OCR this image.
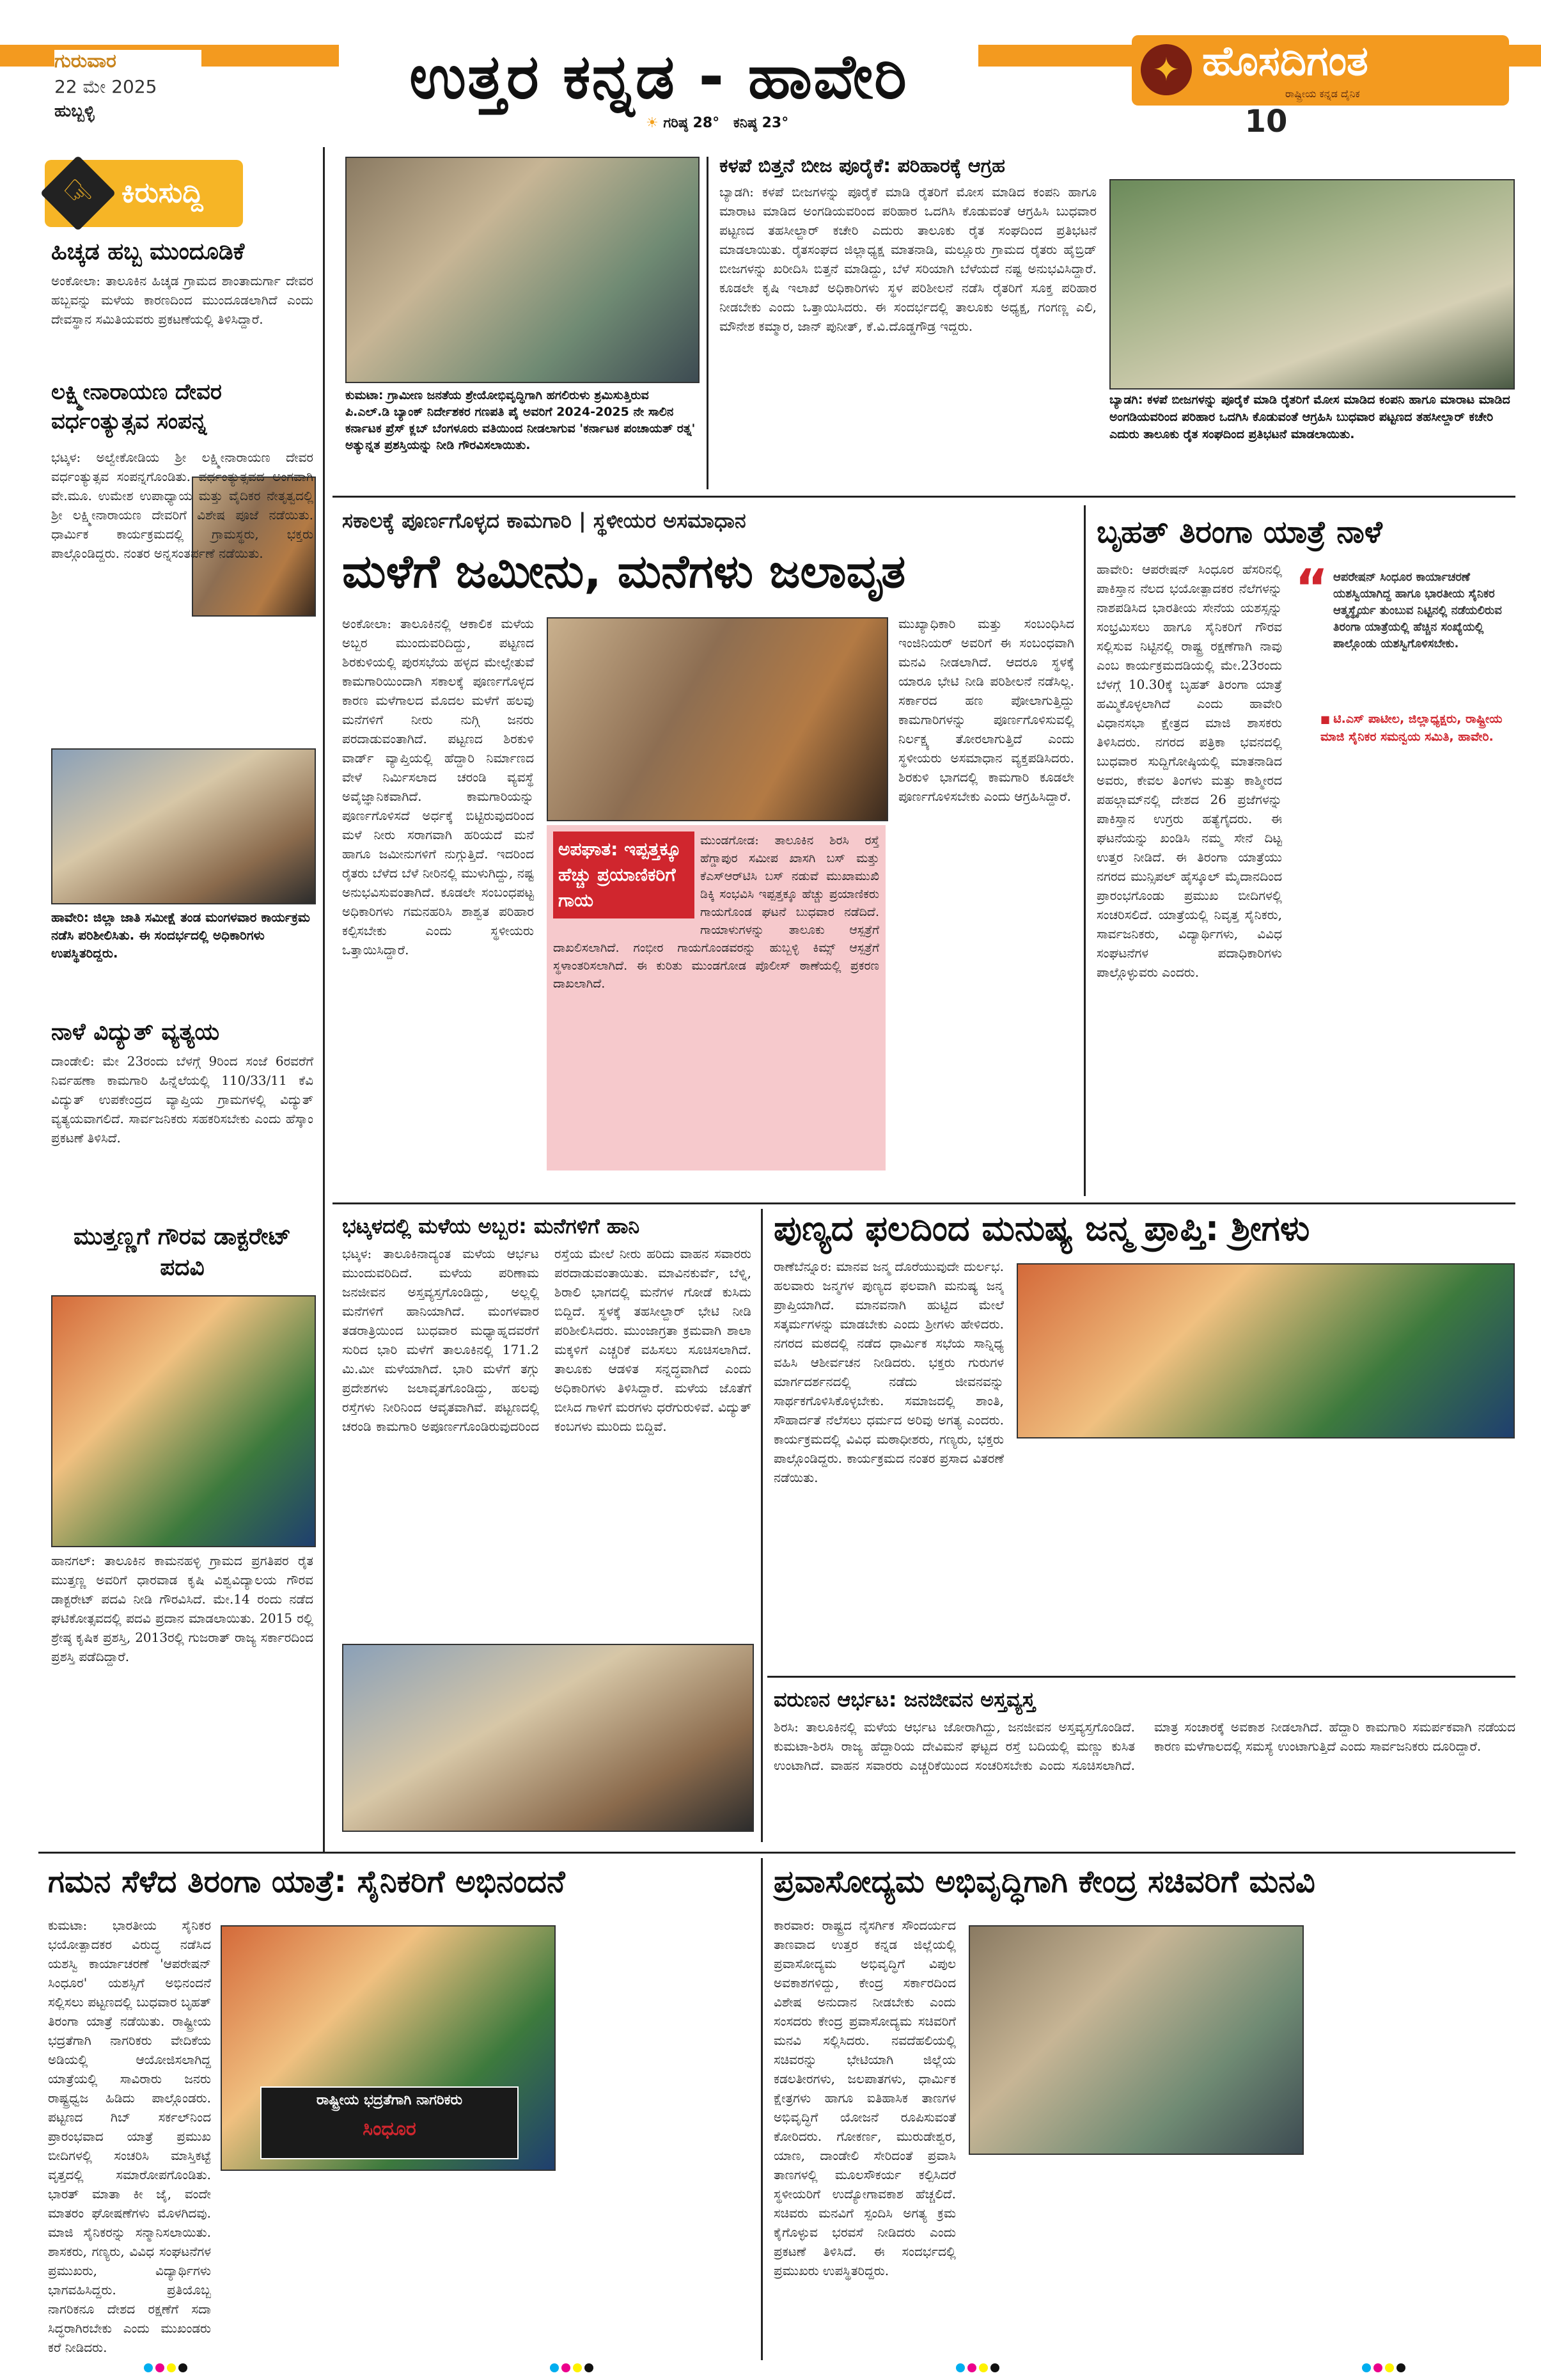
ಗುರುವಾರ
22 ಮೇ 2025
ಹುಬ್ಬಳ್ಳಿ	ಉತ್ತರ ಕನ್ನಡ - ಹಾವೇರಿ
☀ ಗರಿಷ್ಠ 28° ಕನಿಷ್ಠ 23°
✦ ಹೊಸದಿಗಂತ
ರಾಷ್ಟ್ರೀಯ ಕನ್ನಡ ದೈನಿಕ
10
☞ ಕಿರುಸುದ್ದಿ
ಹಿಚ್ಕಡ ಹಬ್ಬ ಮುಂದೂಡಿಕೆ
ಅಂಕೋಲಾ: ತಾಲೂಕಿನ ಹಿಚ್ಕಡ ಗ್ರಾಮದ ಶಾಂತಾದುರ್ಗಾ ದೇವರ ಹಬ್ಬವನ್ನು ಮಳೆಯ ಕಾರಣದಿಂದ ಮುಂದೂಡಲಾಗಿದೆ ಎಂದು ದೇವಸ್ಥಾನ ಸಮಿತಿಯವರು ಪ್ರಕಟಣೆಯಲ್ಲಿ ತಿಳಿಸಿದ್ದಾರೆ.
ಲಕ್ಷ್ಮೀನಾರಾಯಣ ದೇವರ ವರ್ಧಂತ್ಯುತ್ಸವ ಸಂಪನ್ನ
ಭಟ್ಕಳ: ಅಲ್ವೇಕೋಡಿಯ ಶ್ರೀ ಲಕ್ಷ್ಮೀನಾರಾಯಣ ದೇವರ ವರ್ಧಂತ್ಯುತ್ಸವ ಸಂಪನ್ನಗೊಂಡಿತು. ವರ್ಧಂತ್ಯುತ್ಸವದ ಅಂಗವಾಗಿ ವೇ.ಮೂ. ಉಮೇಶ ಉಪಾಧ್ಯಾಯ ಮತ್ತು ವೈದಿಕರ ನೇತೃತ್ವದಲ್ಲಿ ಶ್ರೀ ಲಕ್ಷ್ಮೀನಾರಾಯಣ ದೇವರಿಗೆ ವಿಶೇಷ ಪೂಜೆ ನಡೆಯಿತು. ಧಾರ್ಮಿಕ ಕಾರ್ಯಕ್ರಮದಲ್ಲಿ ಗ್ರಾಮಸ್ಥರು, ಭಕ್ತರು ಪಾಲ್ಗೊಂಡಿದ್ದರು. ನಂತರ ಅನ್ನಸಂತರ್ಪಣೆ ನಡೆಯಿತು.
ಹಾವೇರಿ: ಜಿಲ್ಲಾ ಜಾತಿ ಸಮೀಕ್ಷೆ ತಂಡ ಮಂಗಳವಾರ ಕಾರ್ಯಕ್ರಮ ನಡೆಸಿ ಪರಿಶೀಲಿಸಿತು. ಈ ಸಂದರ್ಭದಲ್ಲಿ ಅಧಿಕಾರಿಗಳು ಉಪಸ್ಥಿತರಿದ್ದರು.
ನಾಳೆ ವಿದ್ಯುತ್ ವ್ಯತ್ಯಯ
ದಾಂಡೇಲಿ: ಮೇ 23ರಂದು ಬೆಳಗ್ಗೆ 9ರಿಂದ ಸಂಜೆ 6ರವರೆಗೆ ನಿರ್ವಹಣಾ ಕಾಮಗಾರಿ ಹಿನ್ನೆಲೆಯಲ್ಲಿ 110/33/11 ಕೆವಿ ವಿದ್ಯುತ್ ಉಪಕೇಂದ್ರದ ವ್ಯಾಪ್ತಿಯ ಗ್ರಾಮಗಳಲ್ಲಿ ವಿದ್ಯುತ್ ವ್ಯತ್ಯಯವಾಗಲಿದೆ. ಸಾರ್ವಜನಿಕರು ಸಹಕರಿಸಬೇಕು ಎಂದು ಹೆಸ್ಕಾಂ ಪ್ರಕಟಣೆ ತಿಳಿಸಿದೆ.
ಮುತ್ತಣ್ಣಗೆ ಗೌರವ ಡಾಕ್ಟರೇಟ್ ಪದವಿ
ಹಾನಗಲ್: ತಾಲೂಕಿನ ಕಾಮನಹಳ್ಳಿ ಗ್ರಾಮದ ಪ್ರಗತಿಪರ ರೈತ ಮುತ್ತಣ್ಣ ಅವರಿಗೆ ಧಾರವಾಡ ಕೃಷಿ ವಿಶ್ವವಿದ್ಯಾಲಯ ಗೌರವ ಡಾಕ್ಟರೇಟ್ ಪದವಿ ನೀಡಿ ಗೌರವಿಸಿದೆ. ಮೇ.14 ರಂದು ನಡೆದ ಘಟಿಕೋತ್ಸವದಲ್ಲಿ ಪದವಿ ಪ್ರದಾನ ಮಾಡಲಾಯಿತು. 2015 ರಲ್ಲಿ ಶ್ರೇಷ್ಠ ಕೃಷಿಕ ಪ್ರಶಸ್ತಿ, 2013ರಲ್ಲಿ ಗುಜರಾತ್ ರಾಜ್ಯ ಸರ್ಕಾರದಿಂದ ಪ್ರಶಸ್ತಿ ಪಡೆದಿದ್ದಾರೆ.
ಕುಮಟಾ: ಗ್ರಾಮೀಣ ಜನತೆಯ ಶ್ರೇಯೋಭಿವೃದ್ಧಿಗಾಗಿ ಹಗಲಿರುಳು ಶ್ರಮಿಸುತ್ತಿರುವ ಪಿ.ಎಲ್.ಡಿ ಬ್ಯಾಂಕ್ ನಿರ್ದೇಶಕರ ಗಣಪತಿ ಪೈ ಅವರಿಗೆ 2024-2025 ನೇ ಸಾಲಿನ ಕರ್ನಾಟಕ ಪ್ರೆಸ್ ಕ್ಲಬ್ ಬೆಂಗಳೂರು ವತಿಯಿಂದ ನೀಡಲಾಗುವ 'ಕರ್ನಾಟಕ ಪಂಚಾಯತ್ ರತ್ನ' ಅತ್ಯುನ್ನತ ಪ್ರಶಸ್ತಿಯನ್ನು ನೀಡಿ ಗೌರವಿಸಲಾಯಿತು.
ಕಳಪೆ ಬಿತ್ತನೆ ಬೀಜ ಪೂರೈಕೆ: ಪರಿಹಾರಕ್ಕೆ ಆಗ್ರಹ
ಬ್ಯಾಡಗಿ: ಕಳಪೆ ಬೀಜಗಳನ್ನು ಪೂರೈಕೆ ಮಾಡಿ ರೈತರಿಗೆ ಮೋಸ ಮಾಡಿದ ಕಂಪನಿ ಹಾಗೂ ಮಾರಾಟ ಮಾಡಿದ ಅಂಗಡಿಯವರಿಂದ ಪರಿಹಾರ ಒದಗಿಸಿ ಕೊಡುವಂತೆ ಆಗ್ರಹಿಸಿ ಬುಧವಾರ ಪಟ್ಟಣದ ತಹಸೀಲ್ದಾರ್ ಕಚೇರಿ ಎದುರು ತಾಲೂಕು ರೈತ ಸಂಘದಿಂದ ಪ್ರತಿಭಟನೆ ಮಾಡಲಾಯಿತು. ರೈತಸಂಘದ ಜಿಲ್ಲಾಧ್ಯಕ್ಷ ಮಾತನಾಡಿ, ಮಲ್ಲೂರು ಗ್ರಾಮದ ರೈತರು ಹೈಬ್ರಿಡ್ ಬೀಜಗಳನ್ನು ಖರೀದಿಸಿ ಬಿತ್ತನೆ ಮಾಡಿದ್ದು, ಬೆಳೆ ಸರಿಯಾಗಿ ಬೆಳೆಯದೆ ನಷ್ಟ ಅನುಭವಿಸಿದ್ದಾರೆ. ಕೂಡಲೇ ಕೃಷಿ ಇಲಾಖೆ ಅಧಿಕಾರಿಗಳು ಸ್ಥಳ ಪರಿಶೀಲನೆ ನಡೆಸಿ ರೈತರಿಗೆ ಸೂಕ್ತ ಪರಿಹಾರ ನೀಡಬೇಕು ಎಂದು ಒತ್ತಾಯಿಸಿದರು. ಈ ಸಂದರ್ಭದಲ್ಲಿ ತಾಲೂಕು ಅಧ್ಯಕ್ಷ, ಗಂಗಣ್ಣ ಎಲಿ, ಮೌನೇಶ ಕಮ್ಮಾರ, ಜಾನ್ ಪುನೀತ್, ಕೆ.ವಿ.ದೊಡ್ಡಗೌಡ್ರ ಇದ್ದರು.
ಬ್ಯಾಡಗಿ: ಕಳಪೆ ಬೀಜಗಳನ್ನು ಪೂರೈಕೆ ಮಾಡಿ ರೈತರಿಗೆ ಮೋಸ ಮಾಡಿದ ಕಂಪನಿ ಹಾಗೂ ಮಾರಾಟ ಮಾಡಿದ ಅಂಗಡಿಯವರಿಂದ ಪರಿಹಾರ ಒದಗಿಸಿ ಕೊಡುವಂತೆ ಆಗ್ರಹಿಸಿ ಬುಧವಾರ ಪಟ್ಟಣದ ತಹಸೀಲ್ದಾರ್ ಕಚೇರಿ ಎದುರು ತಾಲೂಕು ರೈತ ಸಂಘದಿಂದ ಪ್ರತಿಭಟನೆ ಮಾಡಲಾಯಿತು.
ಸಕಾಲಕ್ಕೆ ಪೂರ್ಣಗೊಳ್ಳದ ಕಾಮಗಾರಿ | ಸ್ಥಳೀಯರ ಅಸಮಾಧಾನ
ಮಳೆಗೆ ಜಮೀನು, ಮನೆಗಳು ಜಲಾವೃತ
ಅಂಕೋಲಾ: ತಾಲೂಕಿನಲ್ಲಿ ಆಕಾಲಿಕ ಮಳೆಯ ಅಬ್ಬರ ಮುಂದುವರಿದಿದ್ದು, ಪಟ್ಟಣದ ಶಿರಕುಳಿಯಲ್ಲಿ ಪುರಸಭೆಯ ಹಳ್ಳದ ಮೇಲ್ಸೇತುವೆ ಕಾಮಗಾರಿಯಿಂದಾಗಿ ಸಕಾಲಕ್ಕೆ ಪೂರ್ಣಗೊಳ್ಳದ ಕಾರಣ ಮಳೆಗಾಲದ ಮೊದಲ ಮಳೆಗೆ ಹಲವು ಮನೆಗಳಿಗೆ ನೀರು ನುಗ್ಗಿ ಜನರು ಪರದಾಡುವಂತಾಗಿದೆ. ಪಟ್ಟಣದ ಶಿರಕುಳಿ ವಾರ್ಡ್ ವ್ಯಾಪ್ತಿಯಲ್ಲಿ ಹೆದ್ದಾರಿ ನಿರ್ಮಾಣದ ವೇಳೆ ನಿರ್ಮಿಸಲಾದ ಚರಂಡಿ ವ್ಯವಸ್ಥೆ ಅವೈಜ್ಞಾನಿಕವಾಗಿದೆ. ಕಾಮಗಾರಿಯನ್ನು ಪೂರ್ಣಗೊಳಿಸದೆ ಅರ್ಧಕ್ಕೆ ಬಿಟ್ಟಿರುವುದರಿಂದ ಮಳೆ ನೀರು ಸರಾಗವಾಗಿ ಹರಿಯದೆ ಮನೆ ಹಾಗೂ ಜಮೀನುಗಳಿಗೆ ನುಗ್ಗುತ್ತಿದೆ. ಇದರಿಂದ ರೈತರು ಬೆಳೆದ ಬೆಳೆ ನೀರಿನಲ್ಲಿ ಮುಳುಗಿದ್ದು, ನಷ್ಟ ಅನುಭವಿಸುವಂತಾಗಿದೆ. ಕೂಡಲೇ ಸಂಬಂಧಪಟ್ಟ ಅಧಿಕಾರಿಗಳು ಗಮನಹರಿಸಿ ಶಾಶ್ವತ ಪರಿಹಾರ ಕಲ್ಪಿಸಬೇಕು ಎಂದು ಸ್ಥಳೀಯರು ಒತ್ತಾಯಿಸಿದ್ದಾರೆ.
ಮುಖ್ಯಾಧಿಕಾರಿ ಮತ್ತು ಸಂಬಂಧಿಸಿದ ಇಂಜಿನಿಯರ್ ಅವರಿಗೆ ಈ ಸಂಬಂಧವಾಗಿ ಮನವಿ ನೀಡಲಾಗಿದೆ. ಆದರೂ ಸ್ಥಳಕ್ಕೆ ಯಾರೂ ಭೇಟಿ ನೀಡಿ ಪರಿಶೀಲನೆ ನಡೆಸಿಲ್ಲ. ಸರ್ಕಾರದ ಹಣ ಪೋಲಾಗುತ್ತಿದ್ದು ಕಾಮಗಾರಿಗಳನ್ನು ಪೂರ್ಣಗೊಳಿಸುವಲ್ಲಿ ನಿರ್ಲಕ್ಷ್ಯ ತೋರಲಾಗುತ್ತಿದೆ ಎಂದು ಸ್ಥಳೀಯರು ಅಸಮಾಧಾನ ವ್ಯಕ್ತಪಡಿಸಿದರು. ಶಿರಕುಳಿ ಭಾಗದಲ್ಲಿ ಕಾಮಗಾರಿ ಕೂಡಲೇ ಪೂರ್ಣಗೊಳಿಸಬೇಕು ಎಂದು ಆಗ್ರಹಿಸಿದ್ದಾರೆ.
ಅಪಘಾತ: ಇಪ್ಪತ್ತಕ್ಕೂ ಹೆಚ್ಚು ಪ್ರಯಾಣಿಕರಿಗೆ ಗಾಯ
ಮುಂಡಗೋಡ: ತಾಲೂಕಿನ ಶಿರಸಿ ರಸ್ತೆ ಹೆಗ್ಡಾಪುರ ಸಮೀಪ ಖಾಸಗಿ ಬಸ್ ಮತ್ತು ಕೆಎಸ್ಆರ್‌ಟಿಸಿ ಬಸ್ ನಡುವೆ ಮುಖಾಮುಖಿ ಡಿಕ್ಕಿ ಸಂಭವಿಸಿ ಇಪ್ಪತ್ತಕ್ಕೂ ಹೆಚ್ಚು ಪ್ರಯಾಣಿಕರು ಗಾಯಗೊಂಡ ಘಟನೆ ಬುಧವಾರ ನಡೆದಿದೆ. ಗಾಯಾಳುಗಳನ್ನು ತಾಲೂಕು ಆಸ್ಪತ್ರೆಗೆ ದಾಖಲಿಸಲಾಗಿದೆ. ಗಂಭೀರ ಗಾಯಗೊಂಡವರನ್ನು ಹುಬ್ಬಳ್ಳಿ ಕಿಮ್ಸ್ ಆಸ್ಪತ್ರೆಗೆ ಸ್ಥಳಾಂತರಿಸಲಾಗಿದೆ. ಈ ಕುರಿತು ಮುಂಡಗೋಡ ಪೊಲೀಸ್ ಠಾಣೆಯಲ್ಲಿ ಪ್ರಕರಣ ದಾಖಲಾಗಿದೆ.
ಬೃಹತ್ ತಿರಂಗಾ ಯಾತ್ರೆ ನಾಳೆ
ಹಾವೇರಿ: ಆಪರೇಷನ್ ಸಿಂಧೂರ ಹೆಸರಿನಲ್ಲಿ ಪಾಕಿಸ್ತಾನ ನೆಲದ ಭಯೋತ್ಪಾದಕರ ನೆಲೆಗಳನ್ನು ನಾಶಪಡಿಸಿದ ಭಾರತೀಯ ಸೇನೆಯ ಯಶಸ್ಸನ್ನು ಸಂಭ್ರಮಿಸಲು ಹಾಗೂ ಸೈನಿಕರಿಗೆ ಗೌರವ ಸಲ್ಲಿಸುವ ನಿಟ್ಟಿನಲ್ಲಿ ರಾಷ್ಟ್ರ ರಕ್ಷಣೆಗಾಗಿ ನಾವು ಎಂಬ ಕಾರ್ಯಕ್ರಮದಡಿಯಲ್ಲಿ ಮೇ.23ರಂದು ಬೆಳಗ್ಗೆ 10.30ಕ್ಕೆ ಬೃಹತ್ ತಿರಂಗಾ ಯಾತ್ರೆ ಹಮ್ಮಿಕೊಳ್ಳಲಾಗಿದೆ ಎಂದು ಹಾವೇರಿ ವಿಧಾನಸಭಾ ಕ್ಷೇತ್ರದ ಮಾಜಿ ಶಾಸಕರು ತಿಳಿಸಿದರು. ನಗರದ ಪತ್ರಿಕಾ ಭವನದಲ್ಲಿ ಬುಧವಾರ ಸುದ್ದಿಗೋಷ್ಠಿಯಲ್ಲಿ ಮಾತನಾಡಿದ ಅವರು, ಕೇವಲ ತಿಂಗಳು ಮತ್ತು ಕಾಶ್ಮೀರದ ಪಹಲ್ಗಾಮ್‌ನಲ್ಲಿ ದೇಶದ 26 ಪ್ರಜೆಗಳನ್ನು ಪಾಕಿಸ್ತಾನ ಉಗ್ರರು ಹತ್ಯೆಗೈದರು. ಈ ಘಟನೆಯನ್ನು ಖಂಡಿಸಿ ನಮ್ಮ ಸೇನೆ ದಿಟ್ಟ ಉತ್ತರ ನೀಡಿದೆ. ಈ ತಿರಂಗಾ ಯಾತ್ರೆಯು ನಗರದ ಮುನ್ಸಿಪಲ್ ಹೈಸ್ಕೂಲ್ ಮೈದಾನದಿಂದ ಪ್ರಾರಂಭಗೊಂಡು ಪ್ರಮುಖ ಬೀದಿಗಳಲ್ಲಿ ಸಂಚರಿಸಲಿದೆ. ಯಾತ್ರೆಯಲ್ಲಿ ನಿವೃತ್ತ ಸೈನಿಕರು, ಸಾರ್ವಜನಿಕರು, ವಿದ್ಯಾರ್ಥಿಗಳು, ವಿವಿಧ ಸಂಘಟನೆಗಳ ಪದಾಧಿಕಾರಿಗಳು ಪಾಲ್ಗೊಳ್ಳುವರು ಎಂದರು.
“ ಆಪರೇಷನ್ ಸಿಂಧೂರ ಕಾರ್ಯಾಚರಣೆ ಯಶಸ್ವಿಯಾಗಿದ್ದ ಹಾಗೂ ಭಾರತೀಯ ಸೈನಿಕರ ಆತ್ಮಸ್ಥೈರ್ಯ ತುಂಬುವ ನಿಟ್ಟಿನಲ್ಲಿ ನಡೆಯಲಿರುವ ತಿರಂಗಾ ಯಾತ್ರೆಯಲ್ಲಿ ಹೆಚ್ಚಿನ ಸಂಖ್ಯೆಯಲ್ಲಿ ಪಾಲ್ಗೊಂಡು ಯಶಸ್ವಿಗೊಳಿಸಬೇಕು.
■ ಟಿ.ಎಸ್ ಪಾಟೀಲ, ಜಿಲ್ಲಾಧ್ಯಕ್ಷರು, ರಾಷ್ಟ್ರೀಯ ಮಾಜಿ ಸೈನಿಕರ ಸಮನ್ವಯ ಸಮಿತಿ, ಹಾವೇರಿ.
ಭಟ್ಕಳದಲ್ಲಿ ಮಳೆಯ ಅಬ್ಬರ: ಮನೆಗಳಿಗೆ ಹಾನಿ
ಭಟ್ಕಳ: ತಾಲೂಕಿನಾದ್ಯಂತ ಮಳೆಯ ಆರ್ಭಟ ಮುಂದುವರಿದಿದೆ. ಮಳೆಯ ಪರಿಣಾಮ ಜನಜೀವನ ಅಸ್ತವ್ಯಸ್ತಗೊಂಡಿದ್ದು, ಅಲ್ಲಲ್ಲಿ ಮನೆಗಳಿಗೆ ಹಾನಿಯಾಗಿದೆ. ಮಂಗಳವಾರ ತಡರಾತ್ರಿಯಿಂದ ಬುಧವಾರ ಮಧ್ಯಾಹ್ನದವರೆಗೆ ಸುರಿದ ಭಾರಿ ಮಳೆಗೆ ತಾಲೂಕಿನಲ್ಲಿ 171.2 ಮಿ.ಮೀ ಮಳೆಯಾಗಿದೆ. ಭಾರಿ ಮಳೆಗೆ ತಗ್ಗು ಪ್ರದೇಶಗಳು ಜಲಾವೃತಗೊಂಡಿದ್ದು, ಹಲವು ರಸ್ತೆಗಳು ನೀರಿನಿಂದ ಆವೃತವಾಗಿವೆ. ಪಟ್ಟಣದಲ್ಲಿ ಚರಂಡಿ ಕಾಮಗಾರಿ ಅಪೂರ್ಣಗೊಂಡಿರುವುದರಿಂದ ರಸ್ತೆಯ ಮೇಲೆ ನೀರು ಹರಿದು ವಾಹನ ಸವಾರರು ಪರದಾಡುವಂತಾಯಿತು. ಮಾವಿನಕುರ್ವೆ, ಬೆಳ್ನಿ, ಶಿರಾಲಿ ಭಾಗದಲ್ಲಿ ಮನೆಗಳ ಗೋಡೆ ಕುಸಿದು ಬಿದ್ದಿದೆ. ಸ್ಥಳಕ್ಕೆ ತಹಸೀಲ್ದಾರ್ ಭೇಟಿ ನೀಡಿ ಪರಿಶೀಲಿಸಿದರು. ಮುಂಜಾಗ್ರತಾ ಕ್ರಮವಾಗಿ ಶಾಲಾ ಮಕ್ಕಳಿಗೆ ಎಚ್ಚರಿಕೆ ವಹಿಸಲು ಸೂಚಿಸಲಾಗಿದೆ. ತಾಲೂಕು ಆಡಳಿತ ಸನ್ನದ್ಧವಾಗಿದೆ ಎಂದು ಅಧಿಕಾರಿಗಳು ತಿಳಿಸಿದ್ದಾರೆ. ಮಳೆಯ ಜೊತೆಗೆ ಬೀಸಿದ ಗಾಳಿಗೆ ಮರಗಳು ಧರೆಗುರುಳಿವೆ. ವಿದ್ಯುತ್ ಕಂಬಗಳು ಮುರಿದು ಬಿದ್ದಿವೆ.
ಪುಣ್ಯದ ಫಲದಿಂದ ಮನುಷ್ಯ ಜನ್ಮ ಪ್ರಾಪ್ತಿ: ಶ್ರೀಗಳು
ರಾಣೆಬೆನ್ನೂರ: ಮಾನವ ಜನ್ಮ ದೊರೆಯುವುದೇ ದುರ್ಲಭ. ಹಲವಾರು ಜನ್ಮಗಳ ಪುಣ್ಯದ ಫಲವಾಗಿ ಮನುಷ್ಯ ಜನ್ಮ ಪ್ರಾಪ್ತಿಯಾಗಿದೆ. ಮಾನವನಾಗಿ ಹುಟ್ಟಿದ ಮೇಲೆ ಸತ್ಕರ್ಮಗಳನ್ನು ಮಾಡಬೇಕು ಎಂದು ಶ್ರೀಗಳು ಹೇಳಿದರು. ನಗರದ ಮಠದಲ್ಲಿ ನಡೆದ ಧಾರ್ಮಿಕ ಸಭೆಯ ಸಾನ್ನಿಧ್ಯ ವಹಿಸಿ ಆಶೀರ್ವಚನ ನೀಡಿದರು. ಭಕ್ತರು ಗುರುಗಳ ಮಾರ್ಗದರ್ಶನದಲ್ಲಿ ನಡೆದು ಜೀವನವನ್ನು ಸಾರ್ಥಕಗೊಳಿಸಿಕೊಳ್ಳಬೇಕು. ಸಮಾಜದಲ್ಲಿ ಶಾಂತಿ, ಸೌಹಾರ್ದತೆ ನೆಲೆಸಲು ಧರ್ಮದ ಅರಿವು ಅಗತ್ಯ ಎಂದರು. ಕಾರ್ಯಕ್ರಮದಲ್ಲಿ ವಿವಿಧ ಮಠಾಧೀಶರು, ಗಣ್ಯರು, ಭಕ್ತರು ಪಾಲ್ಗೊಂಡಿದ್ದರು. ಕಾರ್ಯಕ್ರಮದ ನಂತರ ಪ್ರಸಾದ ವಿತರಣೆ ನಡೆಯಿತು.
ವರುಣನ ಆರ್ಭಟ: ಜನಜೀವನ ಅಸ್ತವ್ಯಸ್ತ
ಶಿರಸಿ: ತಾಲೂಕಿನಲ್ಲಿ ಮಳೆಯ ಆರ್ಭಟ ಜೋರಾಗಿದ್ದು, ಜನಜೀವನ ಅಸ್ತವ್ಯಸ್ತಗೊಂಡಿದೆ. ಕುಮಟಾ-ಶಿರಸಿ ರಾಜ್ಯ ಹೆದ್ದಾರಿಯ ದೇವಿಮನೆ ಘಟ್ಟದ ರಸ್ತೆ ಬದಿಯಲ್ಲಿ ಮಣ್ಣು ಕುಸಿತ ಉಂಟಾಗಿದೆ. ವಾಹನ ಸವಾರರು ಎಚ್ಚರಿಕೆಯಿಂದ ಸಂಚರಿಸಬೇಕು ಎಂದು ಸೂಚಿಸಲಾಗಿದೆ. ಮಾತ್ರ ಸಂಚಾರಕ್ಕೆ ಅವಕಾಶ ನೀಡಲಾಗಿದೆ. ಹೆದ್ದಾರಿ ಕಾಮಗಾರಿ ಸಮರ್ಪಕವಾಗಿ ನಡೆಯದ ಕಾರಣ ಮಳೆಗಾಲದಲ್ಲಿ ಸಮಸ್ಯೆ ಉಂಟಾಗುತ್ತಿದೆ ಎಂದು ಸಾರ್ವಜನಿಕರು ದೂರಿದ್ದಾರೆ.
ಗಮನ ಸೆಳೆದ ತಿರಂಗಾ ಯಾತ್ರೆ: ಸೈನಿಕರಿಗೆ ಅಭಿನಂದನೆ
ಕುಮಟಾ: ಭಾರತೀಯ ಸೈನಿಕರ ಭಯೋತ್ಪಾದಕರ ವಿರುದ್ಧ ನಡೆಸಿದ ಯಶಸ್ವಿ ಕಾರ್ಯಾಚರಣೆ 'ಆಪರೇಷನ್ ಸಿಂಧೂರ' ಯಶಸ್ಸಿಗೆ ಅಭಿನಂದನೆ ಸಲ್ಲಿಸಲು ಪಟ್ಟಣದಲ್ಲಿ ಬುಧವಾರ ಬೃಹತ್ ತಿರಂಗಾ ಯಾತ್ರೆ ನಡೆಯಿತು. ರಾಷ್ಟ್ರೀಯ ಭದ್ರತೆಗಾಗಿ ನಾಗರಿಕರು ವೇದಿಕೆಯ ಅಡಿಯಲ್ಲಿ ಆಯೋಜಿಸಲಾಗಿದ್ದ ಯಾತ್ರೆಯಲ್ಲಿ ಸಾವಿರಾರು ಜನರು ರಾಷ್ಟ್ರಧ್ವಜ ಹಿಡಿದು ಪಾಲ್ಗೊಂಡರು. ಪಟ್ಟಣದ ಗಿಬ್ ಸರ್ಕಲ್‌ನಿಂದ ಪ್ರಾರಂಭವಾದ ಯಾತ್ರೆ ಪ್ರಮುಖ ಬೀದಿಗಳಲ್ಲಿ ಸಂಚರಿಸಿ ಮಾಸ್ತಿಕಟ್ಟೆ ವೃತ್ತದಲ್ಲಿ ಸಮಾರೋಪಗೊಂಡಿತು. ಭಾರತ್ ಮಾತಾ ಕೀ ಜೈ, ವಂದೇ ಮಾತರಂ ಘೋಷಣೆಗಳು ಮೊಳಗಿದವು. ಮಾಜಿ ಸೈನಿಕರನ್ನು ಸನ್ಮಾನಿಸಲಾಯಿತು. ಶಾಸಕರು, ಗಣ್ಯರು, ವಿವಿಧ ಸಂಘಟನೆಗಳ ಪ್ರಮುಖರು, ವಿದ್ಯಾರ್ಥಿಗಳು ಭಾಗವಹಿಸಿದ್ದರು. ಪ್ರತಿಯೊಬ್ಬ ನಾಗರಿಕನೂ ದೇಶದ ರಕ್ಷಣೆಗೆ ಸದಾ ಸಿದ್ಧರಾಗಿರಬೇಕು ಎಂದು ಮುಖಂಡರು ಕರೆ ನೀಡಿದರು.
ರಾಷ್ಟ್ರೀಯ ಭದ್ರತೆಗಾಗಿ ನಾಗರಿಕರು
ಸಿಂಧೂರ
ಪ್ರವಾಸೋದ್ಯಮ ಅಭಿವೃದ್ಧಿಗಾಗಿ ಕೇಂದ್ರ ಸಚಿವರಿಗೆ ಮನವಿ
ಕಾರವಾರ: ರಾಷ್ಟ್ರದ ನೈಸರ್ಗಿಕ ಸೌಂದರ್ಯದ ತಾಣವಾದ ಉತ್ತರ ಕನ್ನಡ ಜಿಲ್ಲೆಯಲ್ಲಿ ಪ್ರವಾಸೋದ್ಯಮ ಅಭಿವೃದ್ಧಿಗೆ ವಿಪುಲ ಅವಕಾಶಗಳಿದ್ದು, ಕೇಂದ್ರ ಸರ್ಕಾರದಿಂದ ವಿಶೇಷ ಅನುದಾನ ನೀಡಬೇಕು ಎಂದು ಸಂಸದರು ಕೇಂದ್ರ ಪ್ರವಾಸೋದ್ಯಮ ಸಚಿವರಿಗೆ ಮನವಿ ಸಲ್ಲಿಸಿದರು. ನವದೆಹಲಿಯಲ್ಲಿ ಸಚಿವರನ್ನು ಭೇಟಿಯಾಗಿ ಜಿಲ್ಲೆಯ ಕಡಲತೀರಗಳು, ಜಲಪಾತಗಳು, ಧಾರ್ಮಿಕ ಕ್ಷೇತ್ರಗಳು ಹಾಗೂ ಐತಿಹಾಸಿಕ ತಾಣಗಳ ಅಭಿವೃದ್ಧಿಗೆ ಯೋಜನೆ ರೂಪಿಸುವಂತೆ ಕೋರಿದರು. ಗೋಕರ್ಣ, ಮುರುಡೇಶ್ವರ, ಯಾಣ, ದಾಂಡೇಲಿ ಸೇರಿದಂತೆ ಪ್ರವಾಸಿ ತಾಣಗಳಲ್ಲಿ ಮೂಲಸೌಕರ್ಯ ಕಲ್ಪಿಸಿದರೆ ಸ್ಥಳೀಯರಿಗೆ ಉದ್ಯೋಗಾವಕಾಶ ಹೆಚ್ಚಲಿದೆ. ಸಚಿವರು ಮನವಿಗೆ ಸ್ಪಂದಿಸಿ ಅಗತ್ಯ ಕ್ರಮ ಕೈಗೊಳ್ಳುವ ಭರವಸೆ ನೀಡಿದರು ಎಂದು ಪ್ರಕಟಣೆ ತಿಳಿಸಿದೆ. ಈ ಸಂದರ್ಭದಲ್ಲಿ ಪ್ರಮುಖರು ಉಪಸ್ಥಿತರಿದ್ದರು.
